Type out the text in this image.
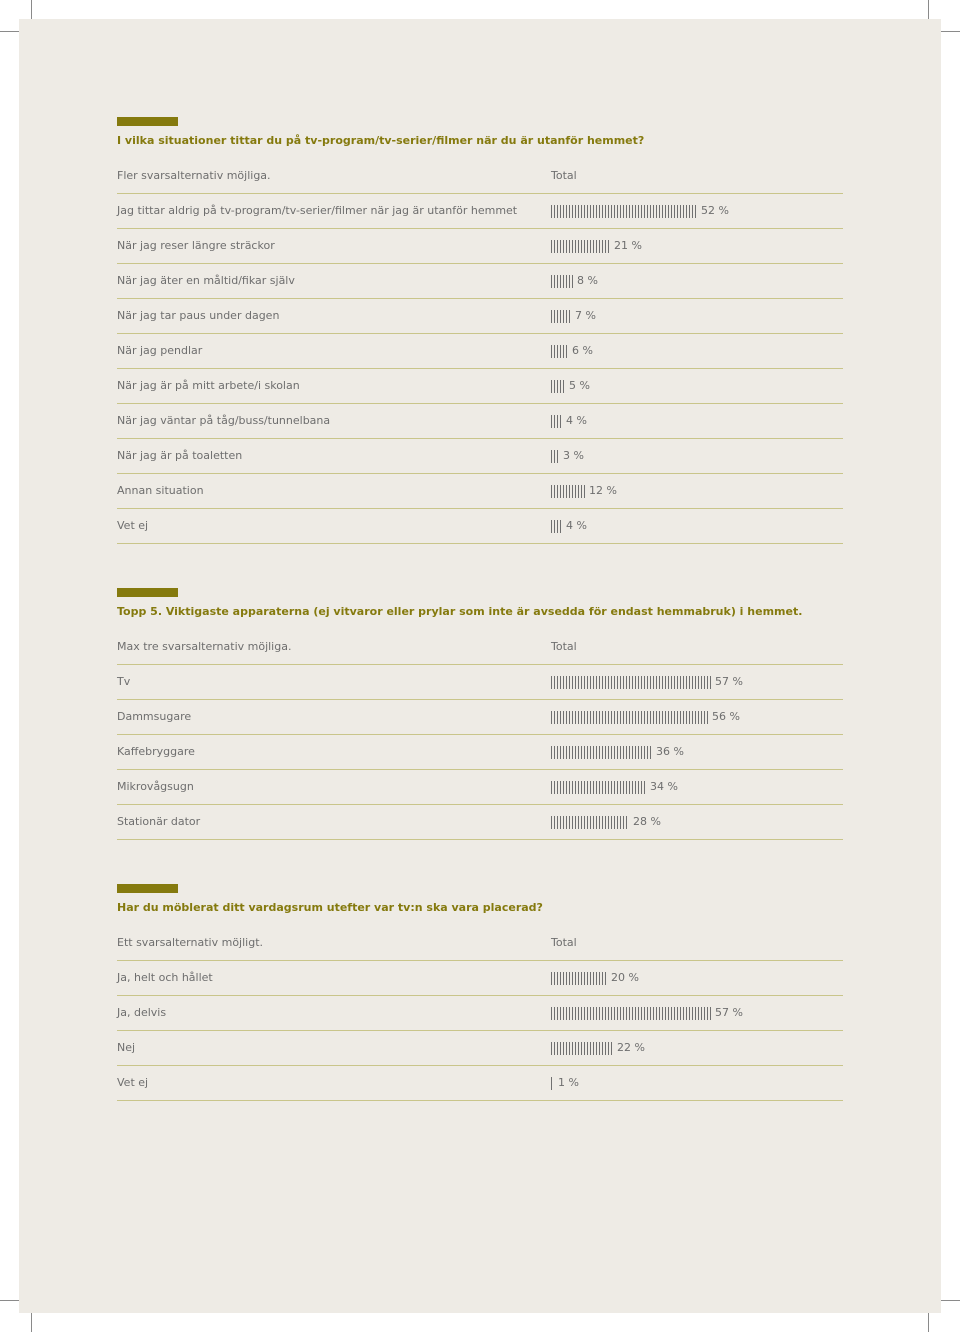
I vilka situationer tittar du på tv-program/tv-serier/filmer när du är utanför hemmet?
Fler svarsalternativ möjliga.	Total
Jag tittar aldrig på tv-program/tv-serier/filmer när jag är utanför hemmet	52 %
När jag reser längre sträckor	21 %
När jag äter en måltid/fikar själv	8 %
När jag tar paus under dagen	7 %
När jag pendlar	6 %
När jag är på mitt arbete/i skolan	5 %
När jag väntar på tåg/buss/tunnelbana	4 %
När jag är på toaletten	3 %
Annan situation	12 %
Vet ej	4 %
Topp 5. Viktigaste apparaterna (ej vitvaror eller prylar som inte är avsedda för endast hemmabruk) i hemmet.
Max tre svarsalternativ möjliga.	Total
Tv	57 %
Dammsugare	56 %
Kaffebryggare	36 %
Mikrovågsugn	34 %
Stationär dator	28 %
Har du möblerat ditt vardagsrum utefter var tv:n ska vara placerad?
Ett svarsalternativ möjligt.	Total
Ja, helt och hållet	20 %
Ja, delvis	57 %
Nej	22 %
Vet ej	1 %
